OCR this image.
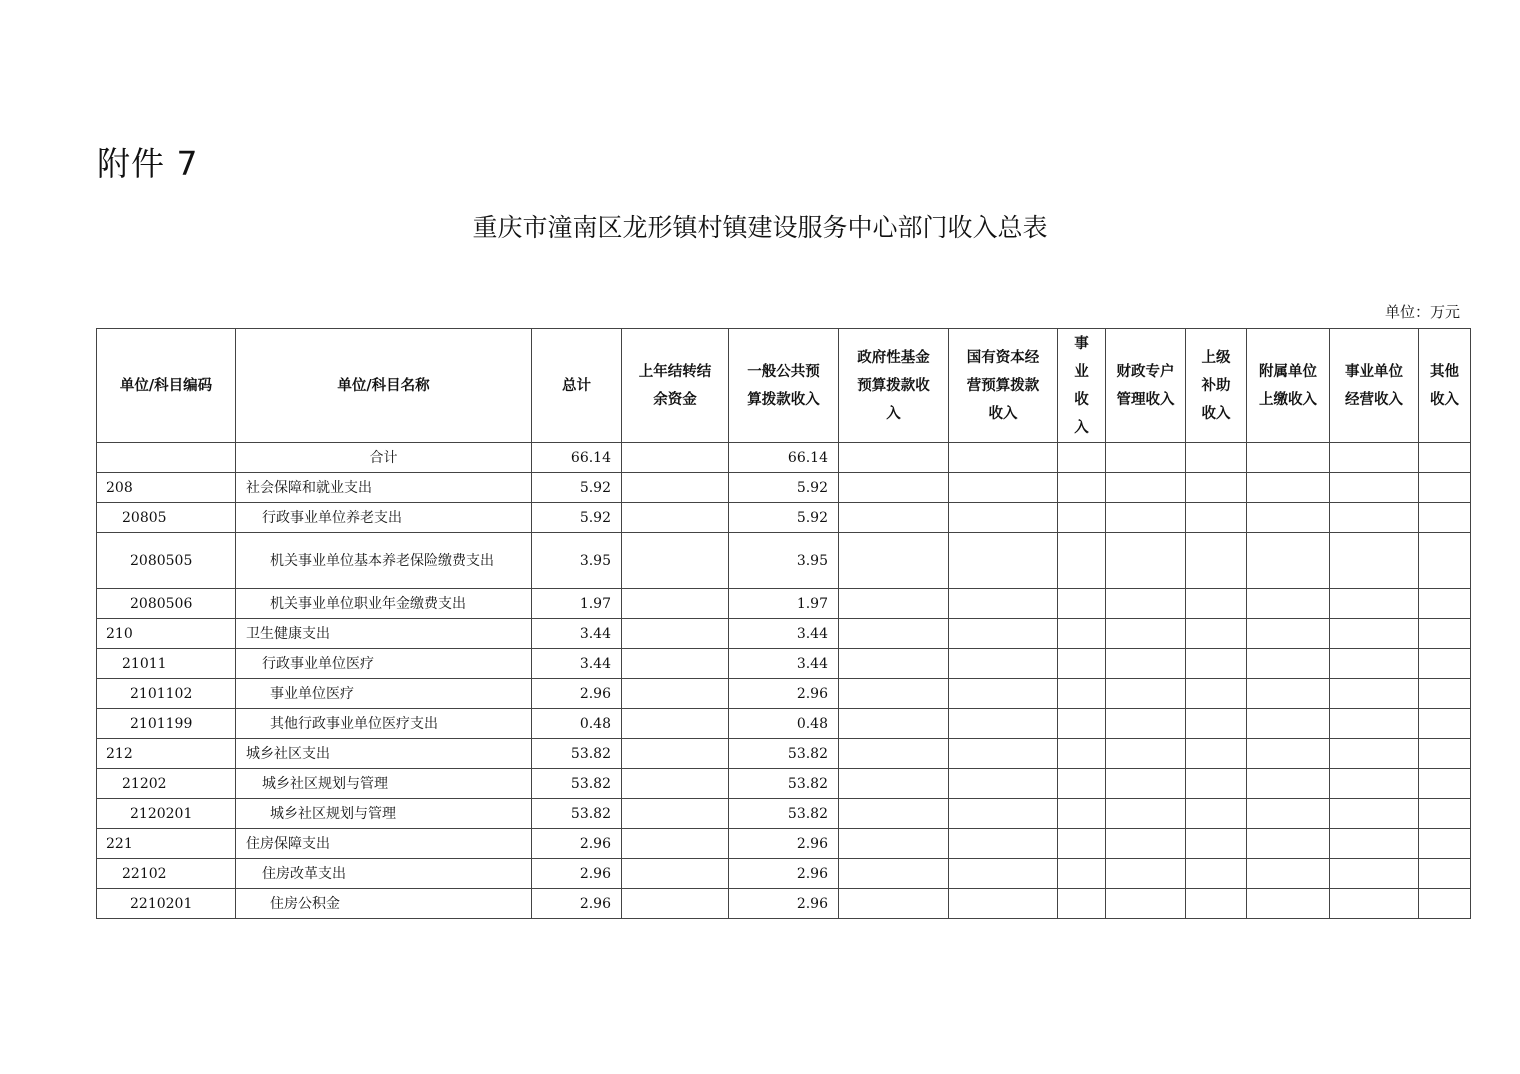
附件 7
重庆市潼南区龙形镇村镇建设服务中心部门收入总表
单位：万元
单位/科目编码	单位/科目名称	总计	上年结转结余资金	一般公共预算拨款收入	政府性基金预算拨款收入	国有资本经营预算拨款收入	事业收入	财政专户管理收入	上级补助收入	附属单位上缴收入	事业单位经营收入	其他收入

	合计	66.14		66.14								
208	社会保障和就业支出	5.92		5.92								
20805	行政事业单位养老支出	5.92		5.92								
2080505	机关事业单位基本养老保险缴费支出	3.95		3.95								
2080506	机关事业单位职业年金缴费支出	1.97		1.97								
210	卫生健康支出	3.44		3.44								
21011	行政事业单位医疗	3.44		3.44								
2101102	事业单位医疗	2.96		2.96								
2101199	其他行政事业单位医疗支出	0.48		0.48								
212	城乡社区支出	53.82		53.82								
21202	城乡社区规划与管理	53.82		53.82								
2120201	城乡社区规划与管理	53.82		53.82								
221	住房保障支出	2.96		2.96								
22102	住房改革支出	2.96		2.96								
2210201	住房公积金	2.96		2.96								
